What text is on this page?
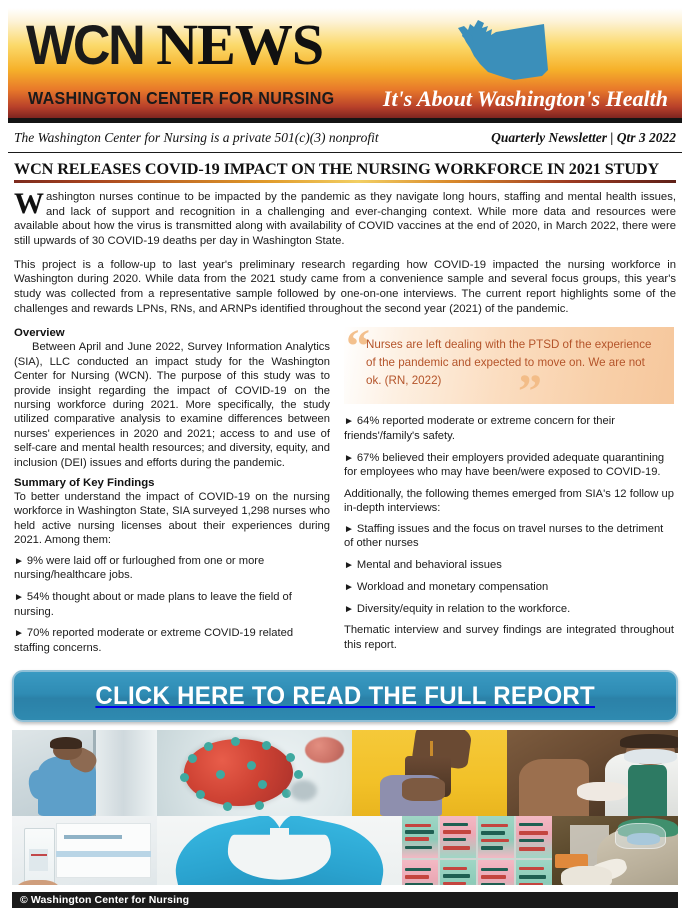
WCN NEWS
WASHINGTON CENTER FOR NURSING It's About Washington's Health
The Washington Center for Nursing is a private 501(c)(3) nonprofit	Quarterly Newsletter | Qtr 3 2022
WCN RELEASES COVID-19 IMPACT ON THE NURSING WORKFORCE IN 2021 STUDY

Washington nurses continue to be impacted by the pandemic as they navigate long hours, staffing and mental health issues, and lack of support and recognition in a challenging and ever-changing context. While more data and resources were available about how the virus is transmitted along with availability of COVID vaccines at the end of 2020, in March 2022, there were still upwards of 30 COVID-19 deaths per day in Washington State.

This project is a follow-up to last year's preliminary research regarding how COVID-19 impacted the nursing workforce in Washington during 2020. While data from the 2021 study came from a convenience sample and several focus groups, this year's study was collected from a representative sample followed by one-on-one interviews. The current report highlights some of the challenges and rewards LPNs, RNs, and ARNPs identified throughout the second year (2021) of the pandemic.

Overview

Between April and June 2022, Survey Information Analytics (SIA), LLC conducted an impact study for the Washington Center for Nursing (WCN). The purpose of this study was to provide insight regarding the impact of COVID-19 on the nursing workforce during 2021. More specifically, the study utilized comparative analysis to examine differences between nurses' experiences in 2020 and 2021; access to and use of self-care and mental health resources; and diversity, equity, and inclusion (DEI) issues and efforts during the pandemic.

Summary of Key Findings

To better understand the impact of COVID-19 on the nursing workforce in Washington State, SIA surveyed 1,298 nurses who held active nursing licenses about their experiences during 2021. Among them:

► 9% were laid off or furloughed from one or more nursing/healthcare jobs.

► 54% thought about or made plans to leave the field of nursing.

► 70% reported moderate or extreme COVID-19 related staffing concerns.

“
”
Nurses are left dealing with the PTSD of the experience of the pandemic and expected to move on. We are not ok. (RN, 2022)

► 64% reported moderate or extreme concern for their friends'/family's safety.

► 67% believed their employers provided adequate quarantining for employees who may have been/were exposed to COVID-19.

Additionally, the following themes emerged from SIA's 12 follow up in-depth interviews:

► Staffing issues and the focus on travel nurses to the detriment of other nurses

► Mental and behavioral issues

► Workload and monetary compensation

► Diversity/equity in relation to the workforce.

Thematic interview and survey findings are integrated throughout this report.

CLICK HERE TO READ THE FULL REPORT
© Washington Center for Nursing
